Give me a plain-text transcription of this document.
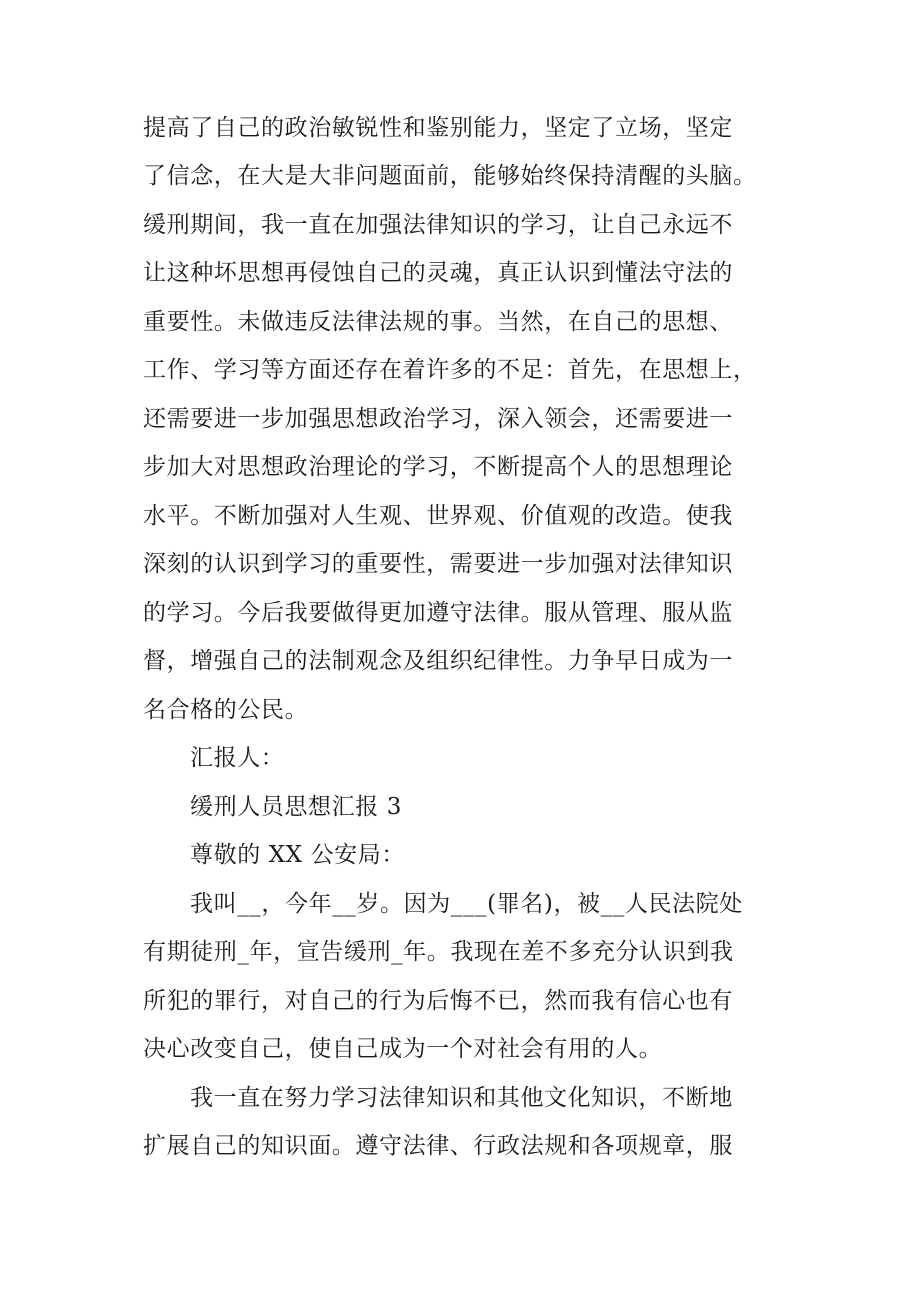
提高了自己的政治敏锐性和鉴别能力，坚定了立场，坚定
了信念，在大是大非问题面前，能够始终保持清醒的头脑。
缓刑期间，我一直在加强法律知识的学习，让自己永远不
让这种坏思想再侵蚀自己的灵魂，真正认识到懂法守法的
重要性。未做违反法律法规的事。当然，在自己的思想、
工作、学习等方面还存在着许多的不足：首先，在思想上，
还需要进一步加强思想政治学习，深入领会，还需要进一
步加大对思想政治理论的学习，不断提高个人的思想理论
水平。不断加强对人生观、世界观、价值观的改造。使我
深刻的认识到学习的重要性，需要进一步加强对法律知识
的学习。今后我要做得更加遵守法律。服从管理、服从监
督，增强自己的法制观念及组织纪律性。力争早日成为一
名合格的公民。
汇报人：
缓刑人员思想汇报 3
尊敬的 XX 公安局：
我叫__，今年__岁。因为___(罪名)，被__人民法院处
有期徒刑_年，宣告缓刑_年。我现在差不多充分认识到我
所犯的罪行，对自己的行为后悔不已，然而我有信心也有
决心改变自己，使自己成为一个对社会有用的人。
我一直在努力学习法律知识和其他文化知识，不断地
扩展自己的知识面。遵守法律、行政法规和各项规章，服
